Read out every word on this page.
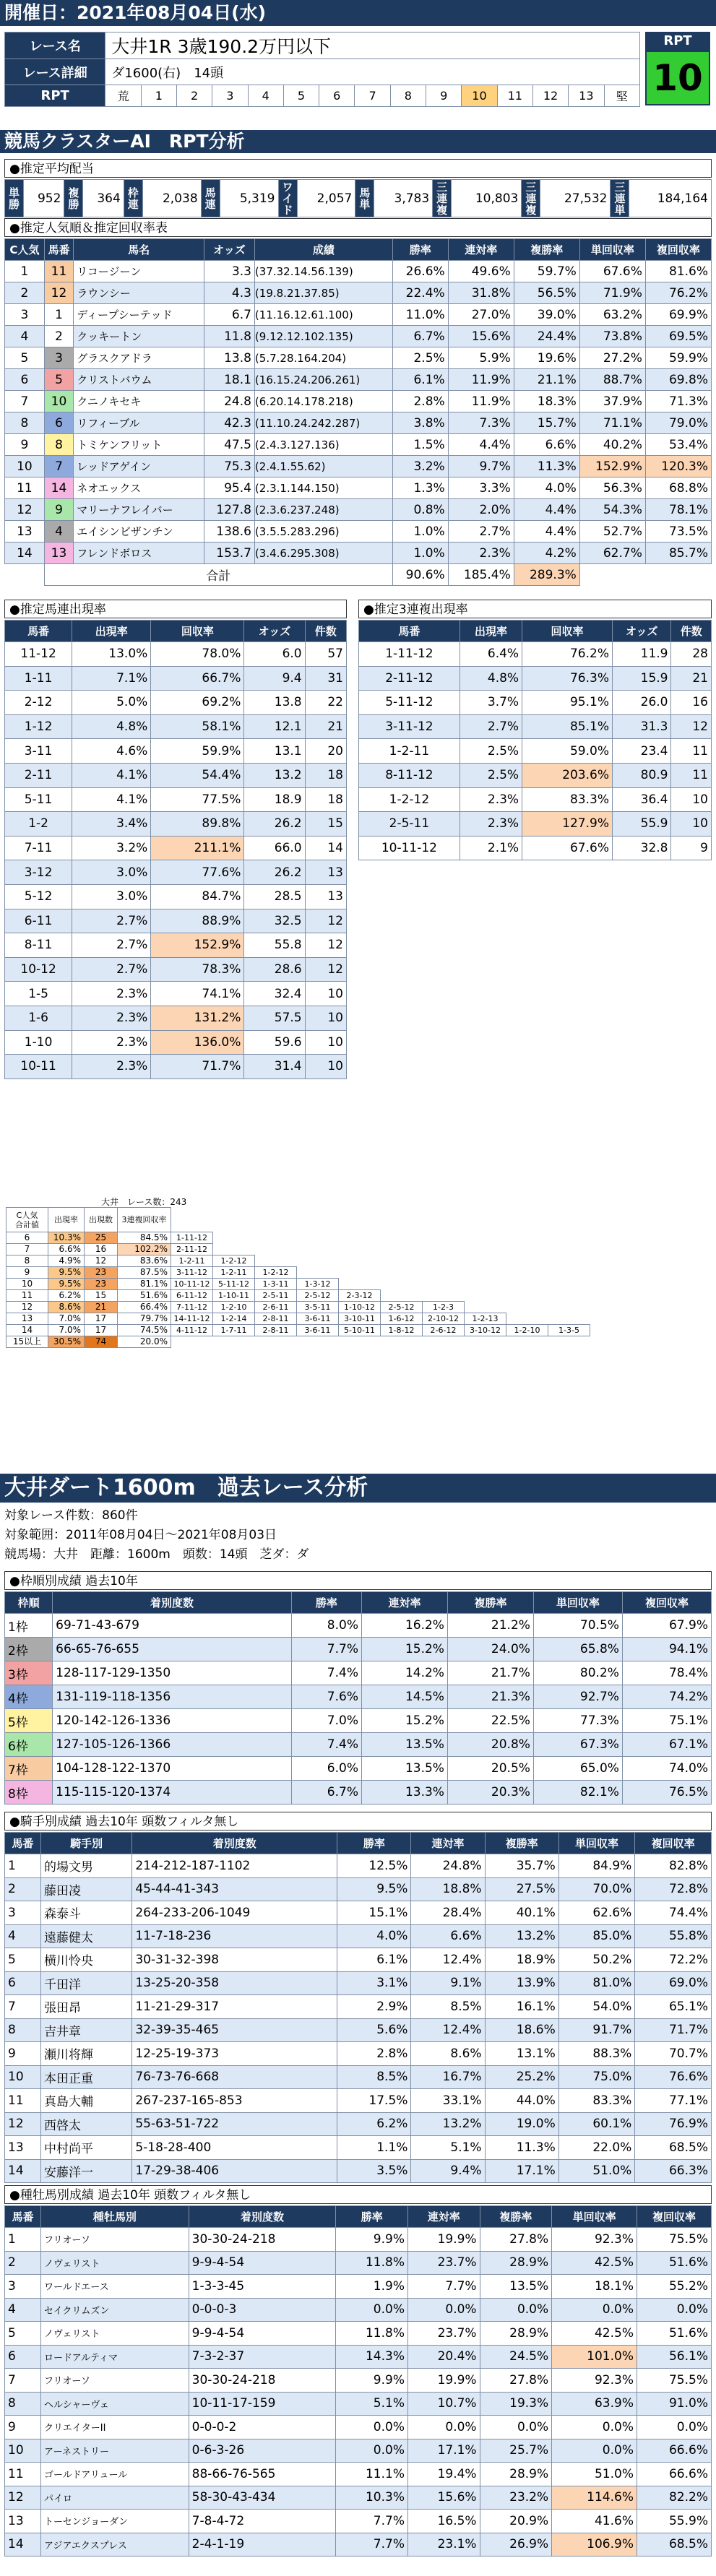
開催日：2021年08月04日(水)
レース名	大井1R 3歳190.2万円以下														
レース詳細	ダ1600(右)　14頭														
RPT	荒	1	2	3	4	5	6	7	8	9	10	11	12	13	堅
RPT
10
競馬クラスターAI　RPT分析
●推定平均配当
単勝	952	複勝	364	枠連	2,038	馬連	5,319	ワイド	2,057	馬単	3,783	三連複	10,803	三連複	27,532	三連単	184,164
●推定人気順＆推定回収率表
C人気	馬番	馬名	オッズ	成績	勝率	連対率	複勝率	単回収率	複回収率
1	11	リコージーン	3.3	(37.32.14.56.139)	26.6%	49.6%	59.7%	67.6%	81.6%
2	12	ラウンシー	4.3	(19.8.21.37.85)	22.4%	31.8%	56.5%	71.9%	76.2%
3	1	ディープシーテッド	6.7	(11.16.12.61.100)	11.0%	27.0%	39.0%	63.2%	69.9%
4	2	クッキートン	11.8	(9.12.12.102.135)	6.7%	15.6%	24.4%	73.8%	69.5%
5	3	グラスクアドラ	13.8	(5.7.28.164.204)	2.5%	5.9%	19.6%	27.2%	59.9%
6	5	クリストバウム	18.1	(16.15.24.206.261)	6.1%	11.9%	21.1%	88.7%	69.8%
7	10	クニノキセキ	24.8	(6.20.14.178.218)	2.8%	11.9%	18.3%	37.9%	71.3%
8	6	リフィーブル	42.3	(11.10.24.242.287)	3.8%	7.3%	15.7%	71.1%	79.0%
9	8	トミケンフリット	47.5	(2.4.3.127.136)	1.5%	4.4%	6.6%	40.2%	53.4%
10	7	レッドアゲイン	75.3	(2.4.1.55.62)	3.2%	9.7%	11.3%	152.9%	120.3%
11	14	ネオエックス	95.4	(2.3.1.144.150)	1.3%	3.3%	4.0%	56.3%	68.8%
12	9	マリーナフレイバー	127.8	(2.3.6.237.248)	0.8%	2.0%	4.4%	54.3%	78.1%
13	4	エイシンビザンチン	138.6	(3.5.5.283.296)	1.0%	2.7%	4.4%	52.7%	73.5%
14	13	フレンドボロス	153.7	(3.4.6.295.308)	1.0%	2.3%	4.2%	62.7%	85.7%
	合計				90.6%	185.4%	289.3%		
●推定馬連出現率
馬番	出現率	回収率	オッズ	件数
11-12	13.0%	78.0%	6.0	57
1-11	7.1%	66.7%	9.4	31
2-12	5.0%	69.2%	13.8	22
1-12	4.8%	58.1%	12.1	21
3-11	4.6%	59.9%	13.1	20
2-11	4.1%	54.4%	13.2	18
5-11	4.1%	77.5%	18.9	18
1-2	3.4%	89.8%	26.2	15
7-11	3.2%	211.1%	66.0	14
3-12	3.0%	77.6%	26.2	13
5-12	3.0%	84.7%	28.5	13
6-11	2.7%	88.9%	32.5	12
8-11	2.7%	152.9%	55.8	12
10-12	2.7%	78.3%	28.6	12
1-5	2.3%	74.1%	32.4	10
1-6	2.3%	131.2%	57.5	10
1-10	2.3%	136.0%	59.6	10
10-11	2.3%	71.7%	31.4	10
●推定3連複出現率
馬番	出現率	回収率	オッズ	件数
1-11-12	6.4%	76.2%	11.9	28
2-11-12	4.8%	76.3%	15.9	21
5-11-12	3.7%	95.1%	26.0	16
3-11-12	2.7%	85.1%	31.3	12
1-2-11	2.5%	59.0%	23.4	11
8-11-12	2.5%	203.6%	80.9	11
1-2-12	2.3%	83.3%	36.4	10
2-5-11	2.3%	127.9%	55.9	10
10-11-12	2.1%	67.6%	32.8	9
大井　レース数：243
C人気
合計値	出現率	出現数	3連複回収率										
6	10.3%	25	84.5%	1-11-12									
7	6.6%	16	102.2%	2-11-12									
8	4.9%	12	83.6%	1-2-11	1-2-12								
9	9.5%	23	87.5%	3-11-12	1-2-11	1-2-12							
10	9.5%	23	81.1%	10-11-12	5-11-12	1-3-11	1-3-12						
11	6.2%	15	51.6%	6-11-12	1-10-11	2-5-11	2-5-12	2-3-12					
12	8.6%	21	66.4%	7-11-12	1-2-10	2-6-11	3-5-11	1-10-12	2-5-12	1-2-3			
13	7.0%	17	79.7%	14-11-12	1-2-14	2-8-11	3-6-11	3-10-11	1-6-12	2-10-12	1-2-13		
14	7.0%	17	74.5%	4-11-12	1-7-11	2-8-11	3-6-11	5-10-11	1-8-12	2-6-12	3-10-12	1-2-10	1-3-5
15以上	30.5%	74	20.0%										
大井ダート1600m　過去レース分析
対象レース件数：860件
対象範囲：2011年08月04日～2021年08月03日
競馬場：大井　距離：1600m　頭数：14頭　芝ダ：ダ
●枠順別成績 過去10年
枠順	着別度数	勝率	連対率	複勝率	単回収率	複回収率
1枠	69-71-43-679	8.0%	16.2%	21.2%	70.5%	67.9%
2枠	66-65-76-655	7.7%	15.2%	24.0%	65.8%	94.1%
3枠	128-117-129-1350	7.4%	14.2%	21.7%	80.2%	78.4%
4枠	131-119-118-1356	7.6%	14.5%	21.3%	92.7%	74.2%
5枠	120-142-126-1336	7.0%	15.2%	22.5%	77.3%	75.1%
6枠	127-105-126-1366	7.4%	13.5%	20.8%	67.3%	67.1%
7枠	104-128-122-1370	6.0%	13.5%	20.5%	65.0%	74.0%
8枠	115-115-120-1374	6.7%	13.3%	20.3%	82.1%	76.5%
●騎手別成績 過去10年 頭数フィルタ無し
馬番	騎手別	着別度数	勝率	連対率	複勝率	単回収率	複回収率
1	的場文男	214-212-187-1102	12.5%	24.8%	35.7%	84.9%	82.8%
2	藤田凌	45-44-41-343	9.5%	18.8%	27.5%	70.0%	72.8%
3	森泰斗	264-233-206-1049	15.1%	28.4%	40.1%	62.6%	74.4%
4	遠藤健太	11-7-18-236	4.0%	6.6%	13.2%	85.0%	55.8%
5	横川怜央	30-31-32-398	6.1%	12.4%	18.9%	50.2%	72.2%
6	千田洋	13-25-20-358	3.1%	9.1%	13.9%	81.0%	69.0%
7	張田昂	11-21-29-317	2.9%	8.5%	16.1%	54.0%	65.1%
8	吉井章	32-39-35-465	5.6%	12.4%	18.6%	91.7%	71.7%
9	瀬川将輝	12-25-19-373	2.8%	8.6%	13.1%	88.3%	70.7%
10	本田正重	76-73-76-668	8.5%	16.7%	25.2%	75.0%	76.6%
11	真島大輔	267-237-165-853	17.5%	33.1%	44.0%	83.3%	77.1%
12	西啓太	55-63-51-722	6.2%	13.2%	19.0%	60.1%	76.9%
13	中村尚平	5-18-28-400	1.1%	5.1%	11.3%	22.0%	68.5%
14	安藤洋一	17-29-38-406	3.5%	9.4%	17.1%	51.0%	66.3%
●種牡馬別成績 過去10年 頭数フィルタ無し
馬番	種牡馬別	着別度数	勝率	連対率	複勝率	単回収率	複回収率
1	フリオーソ	30-30-24-218	9.9%	19.9%	27.8%	92.3%	75.5%
2	ノヴェリスト	9-9-4-54	11.8%	23.7%	28.9%	42.5%	51.6%
3	ワールドエース	1-3-3-45	1.9%	7.7%	13.5%	18.1%	55.2%
4	セイクリムズン	0-0-0-3	0.0%	0.0%	0.0%	0.0%	0.0%
5	ノヴェリスト	9-9-4-54	11.8%	23.7%	28.9%	42.5%	51.6%
6	ロードアルティマ	7-3-2-37	14.3%	20.4%	24.5%	101.0%	56.1%
7	フリオーソ	30-30-24-218	9.9%	19.9%	27.8%	92.3%	75.5%
8	ヘルシャーヴェ	10-11-17-159	5.1%	10.7%	19.3%	63.9%	91.0%
9	クリエイターII	0-0-0-2	0.0%	0.0%	0.0%	0.0%	0.0%
10	アーネストリー	0-6-3-26	0.0%	17.1%	25.7%	0.0%	66.6%
11	ゴールドアリュール	88-66-76-565	11.1%	19.4%	28.9%	51.0%	66.6%
12	パイロ	58-30-43-434	10.3%	15.6%	23.2%	114.6%	82.2%
13	トーセンジョーダン	7-8-4-72	7.7%	16.5%	20.9%	41.6%	55.9%
14	アジアエクスプレス	2-4-1-19	7.7%	23.1%	26.9%	106.9%	68.5%
